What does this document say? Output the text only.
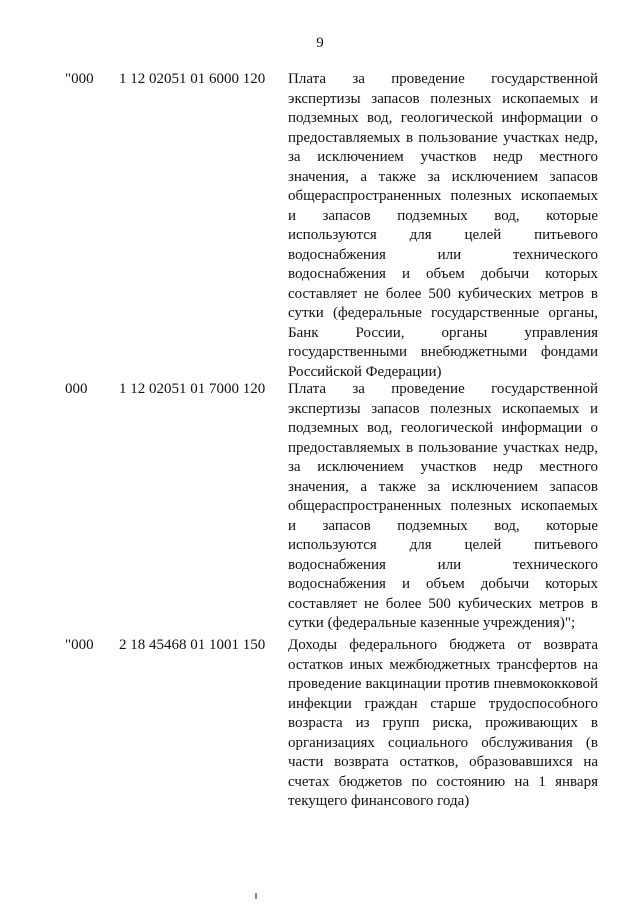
9
"000 1 12 02051 01 6000 120 Плата за проведение государственной экспертизы запасов полезных ископаемых и подземных вод, геологической информации о предоставляемых в пользование участках недр, за исключением участков недр местного значения, а также за исключением запасов общераспространенных полезных ископаемых и запасов подземных вод, которые используются для целей питьевого водоснабжения или технического водоснабжения и объем добычи которых составляет не более 500 кубических метров в сутки (федеральные государственные органы, Банк России, органы управления государственными внебюджетными фондами Российской Федерации)

000 1 12 02051 01 7000 120 Плата за проведение государственной экспертизы запасов полезных ископаемых и подземных вод, геологической информации о предоставляемых в пользование участках недр, за исключением участков недр местного значения, а также за исключением запасов общераспространенных полезных ископаемых и запасов подземных вод, которые используются для целей питьевого водоснабжения или технического водоснабжения и объем добычи которых составляет не более 500 кубических метров в сутки (федеральные казенные учреждения)";

"000 2 18 45468 01 1001 150 Доходы федерального бюджета от возврата остатков иных межбюджетных трансфертов на проведение вакцинации против пневмококковой инфекции граждан старше трудоспособного возраста из групп риска, проживающих в организациях социального обслуживания (в части возврата остатков, образовавшихся на счетах бюджетов по состоянию на 1 января текущего финансового года)
